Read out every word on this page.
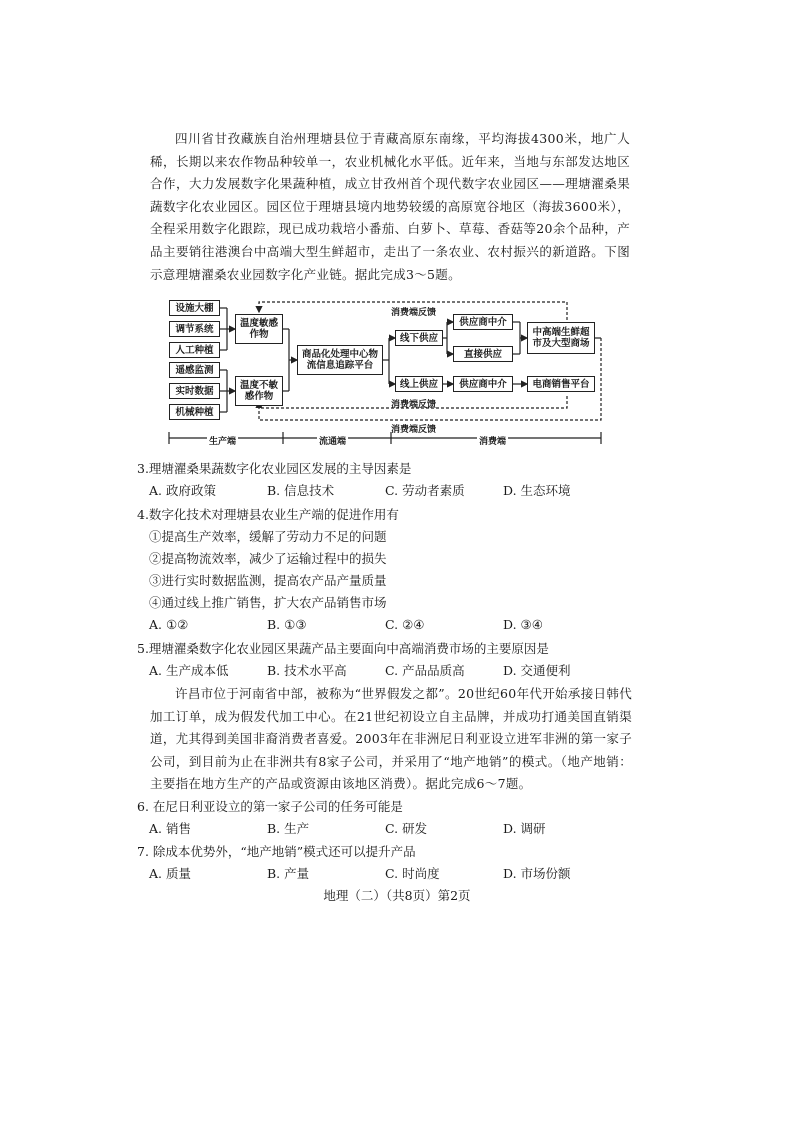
四川省甘孜藏族自治州理塘县位于青藏高原东南缘，平均海拔4300米，地广人稀，长期以来农作物品种较单一，农业机械化水平低。近年来，当地与东部发达地区合作，大力发展数字化果蔬种植，成立甘孜州首个现代数字农业园区——理塘濯桑果蔬数字化农业园区。园区位于理塘县境内地势较缓的高原宽谷地区（海拔3600米），全程采用数字化跟踪，现已成功栽培小番茄、白萝卜、草莓、香菇等20余个品种，产品主要销往港澳台中高端大型生鲜超市，走出了一条农业、农村振兴的新道路。下图示意理塘濯桑农业园数字化产业链。据此完成3～5题。

设施大棚
调节系统
人工种植
遥感监测
实时数据
机械种植
温度敏感作物
温度不敏感作物
商品化处理中心物流信息追踪平台
线下供应
线上供应
供应商中介
直接供应
供应商中介
中高端生鲜超市及大型商场
电商销售平台
消费端反馈
消费端反馈
消费端反馈
生产端	流通端	消费端

3.理塘濯桑果蔬数字化农业园区发展的主导因素是

A. 政府政策	B. 信息技术	C. 劳动者素质	D. 生态环境

4.数字化技术对理塘县农业生产端的促进作用有

①提高生产效率，缓解了劳动力不足的问题
②提高物流效率，减少了运输过程中的损失
③进行实时数据监测，提高农产品产量质量
④通过线上推广销售，扩大农产品销售市场
A. ①②	B. ①③	C. ②④	D. ③④

5.理塘濯桑数字化农业园区果蔬产品主要面向中高端消费市场的主要原因是

A. 生产成本低	B. 技术水平高	C. 产品品质高	D. 交通便利

许昌市位于河南省中部，被称为“世界假发之都”。20世纪60年代开始承接日韩代加工订单，成为假发代加工中心。在21世纪初设立自主品牌，并成功打通美国直销渠道，尤其得到美国非裔消费者喜爱。2003年在非洲尼日利亚设立进军非洲的第一家子公司，到目前为止在非洲共有8家子公司，并采用了“地产地销”的模式。（地产地销：主要指在地方生产的产品或资源由该地区消费）。据此完成6～7题。

6. 在尼日利亚设立的第一家子公司的任务可能是

A. 销售	B. 生产	C. 研发	D. 调研

7. 除成本优势外，“地产地销”模式还可以提升产品

A. 质量	B. 产量	C. 时尚度	D. 市场份额
地理（二）（共8页）第2页
